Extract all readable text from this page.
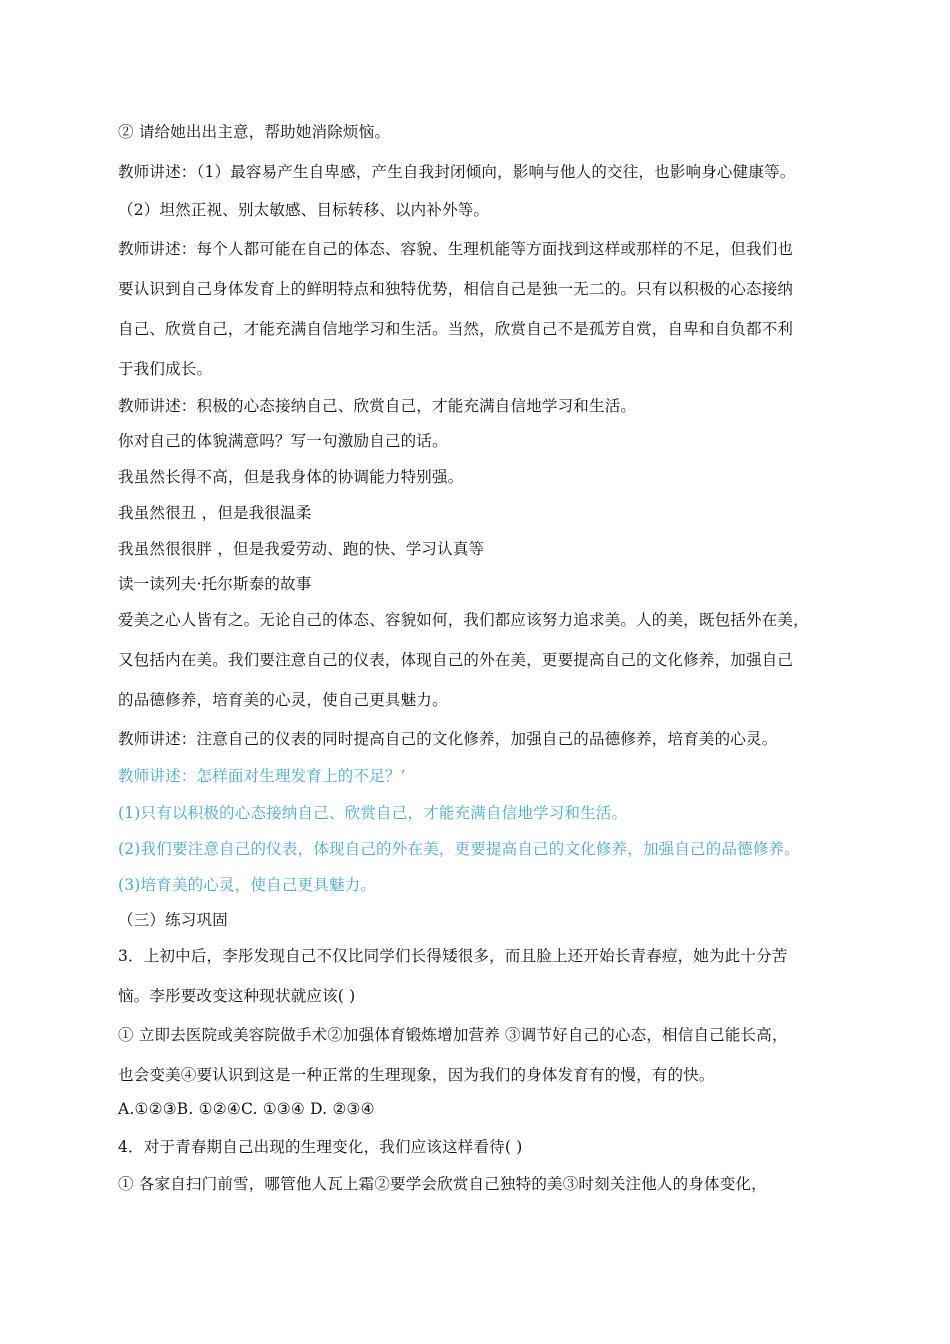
② 请给她出出主意，帮助她消除烦恼。
教师讲述：（1）最容易产生自卑感，产生自我封闭倾向，影响与他人的交往，也影响身心健康等。
（2）坦然正视、别太敏感、目标转移、以内补外等。
教师讲述：每个人都可能在自己的体态、容貌、生理机能等方面找到这样或那样的不足，但我们也
要认识到自己身体发育上的鲜明特点和独特优势，相信自己是独一无二的。只有以积极的心态接纳
自己、欣赏自己，才能充满自信地学习和生活。当然，欣赏自己不是孤芳自赏，自卑和自负都不利
于我们成长。
教师讲述：积极的心态接纳自己、欣赏自己，才能充满自信地学习和生活。
你对自己的体貌满意吗？写一句激励自己的话。
我虽然长得不高，但是我身体的协调能力特别强。
我虽然很丑 ，但是我很温柔
我虽然很很胖 ，但是我爱劳动、跑的快、学习认真等
读一读列夫·托尔斯泰的故事
爱美之心人皆有之。无论自己的体态、容貌如何，我们都应该努力追求美。人的美，既包括外在美，
又包括内在美。我们要注意自己的仪表，体现自己的外在美，更要提高自己的文化修养，加强自己
的品德修养，培育美的心灵，使自己更具魅力。
教师讲述：注意自己的仪表的同时提高自己的文化修养，加强自己的品德修养，培育美的心灵。
教师讲述：怎样面对生理发育上的不足？’
(1)只有以积极的心态接纳自己、欣赏自己，才能充满自信地学习和生活。
(2)我们要注意自己的仪表，体现自己的外在美，更要提高自己的文化修养，加强自己的品德修养。
(3)培育美的心灵，使自己更具魅力。
（三）练习巩固
3．上初中后，李彤发现自己不仅比同学们长得矮很多，而且脸上还开始长青春痘，她为此十分苦
恼。李彤要改变这种现状就应该( )
① 立即去医院或美容院做手术②加强体育锻炼增加营养 ③调节好自己的心态，相信自己能长高，
也会变美④要认识到这是一种正常的生理现象，因为我们的身体发育有的慢，有的快。
A.①②③B. ①②④C. ①③④ D. ②③④
4．对于青春期自己出现的生理变化，我们应该这样看待( )
① 各家自扫门前雪，哪管他人瓦上霜②要学会欣赏自己独特的美③时刻关注他人的身体变化，
